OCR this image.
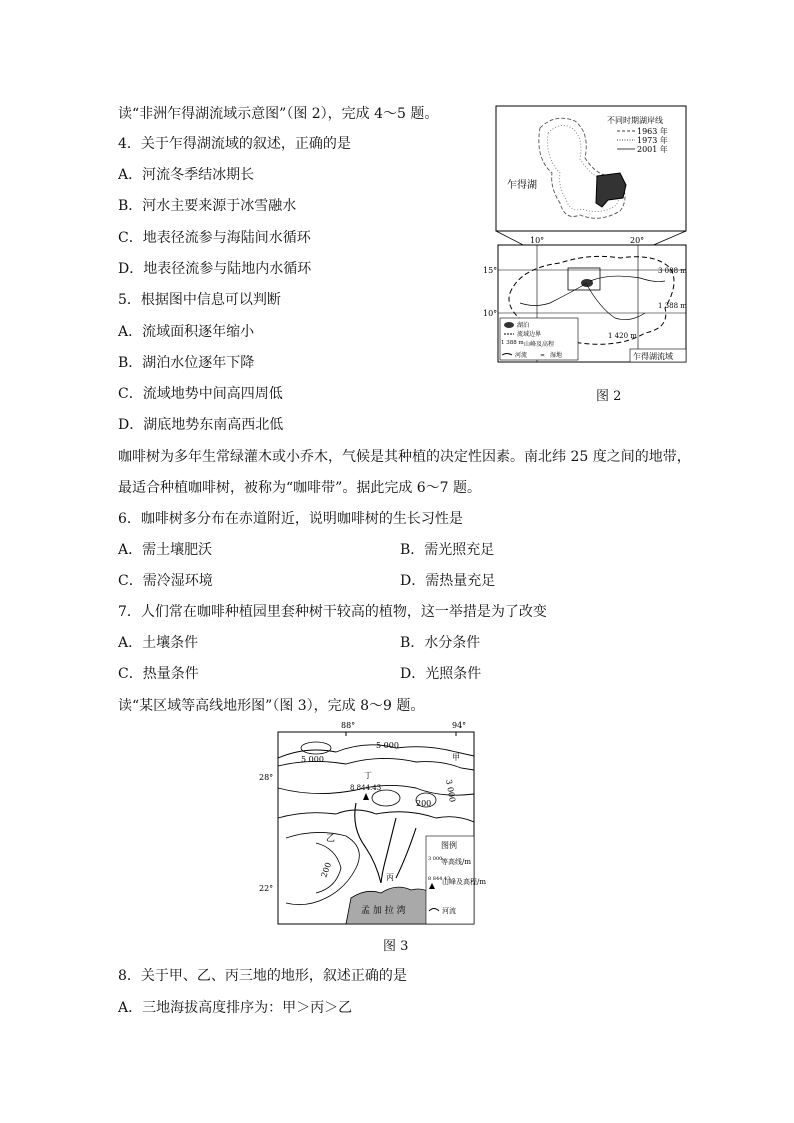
读“非洲乍得湖流域示意图”（图 2），完成 4～5 题。
4．关于乍得湖流域的叙述，正确的是
A．河流冬季结冰期长
B．河水主要来源于冰雪融水
C．地表径流参与海陆间水循环
D．地表径流参与陆地内水循环
5．根据图中信息可以判断
A．流域面积逐年缩小
B．湖泊水位逐年下降
C．流域地势中间高四周低
D．湖底地势东南高西北低
不同时期湖岸线
1963 年
1973 年
2001 年
乍得湖
10°	20°
15°
10°
3 088 m
1 388 m
1 420 m
湖泊
流域边界
1 388 m 山峰及高程
河流 ≍ 湿地	乍得湖流域
图 2
咖啡树为多年生常绿灌木或小乔木，气候是其种植的决定性因素。南北纬 25 度之间的地带，
最适合种植咖啡树，被称为“咖啡带”。据此完成 6～7 题。
6．咖啡树多分布在赤道附近，说明咖啡树的生长习性是
A．需土壤肥沃	B．需光照充足
C．需冷湿环境	D．需热量充足
7．人们常在咖啡种植园里套种树干较高的植物，这一举措是为了改变
A．土壤条件	B．水分条件
C．热量条件	D．光照条件
读“某区域等高线地形图”（图 3），完成 8～9 题。
88°	94°
28°
22°
孟 加 拉 湾
5 000
5 000
3 000
200
200
丁
8 844.43
甲
乙
丙
图例
3 000
等高线/m
8 844.43
山峰及高程/m
河流
图 3
8．关于甲、乙、丙三地的地形，叙述正确的是
A．三地海拔高度排序为：甲＞丙＞乙
